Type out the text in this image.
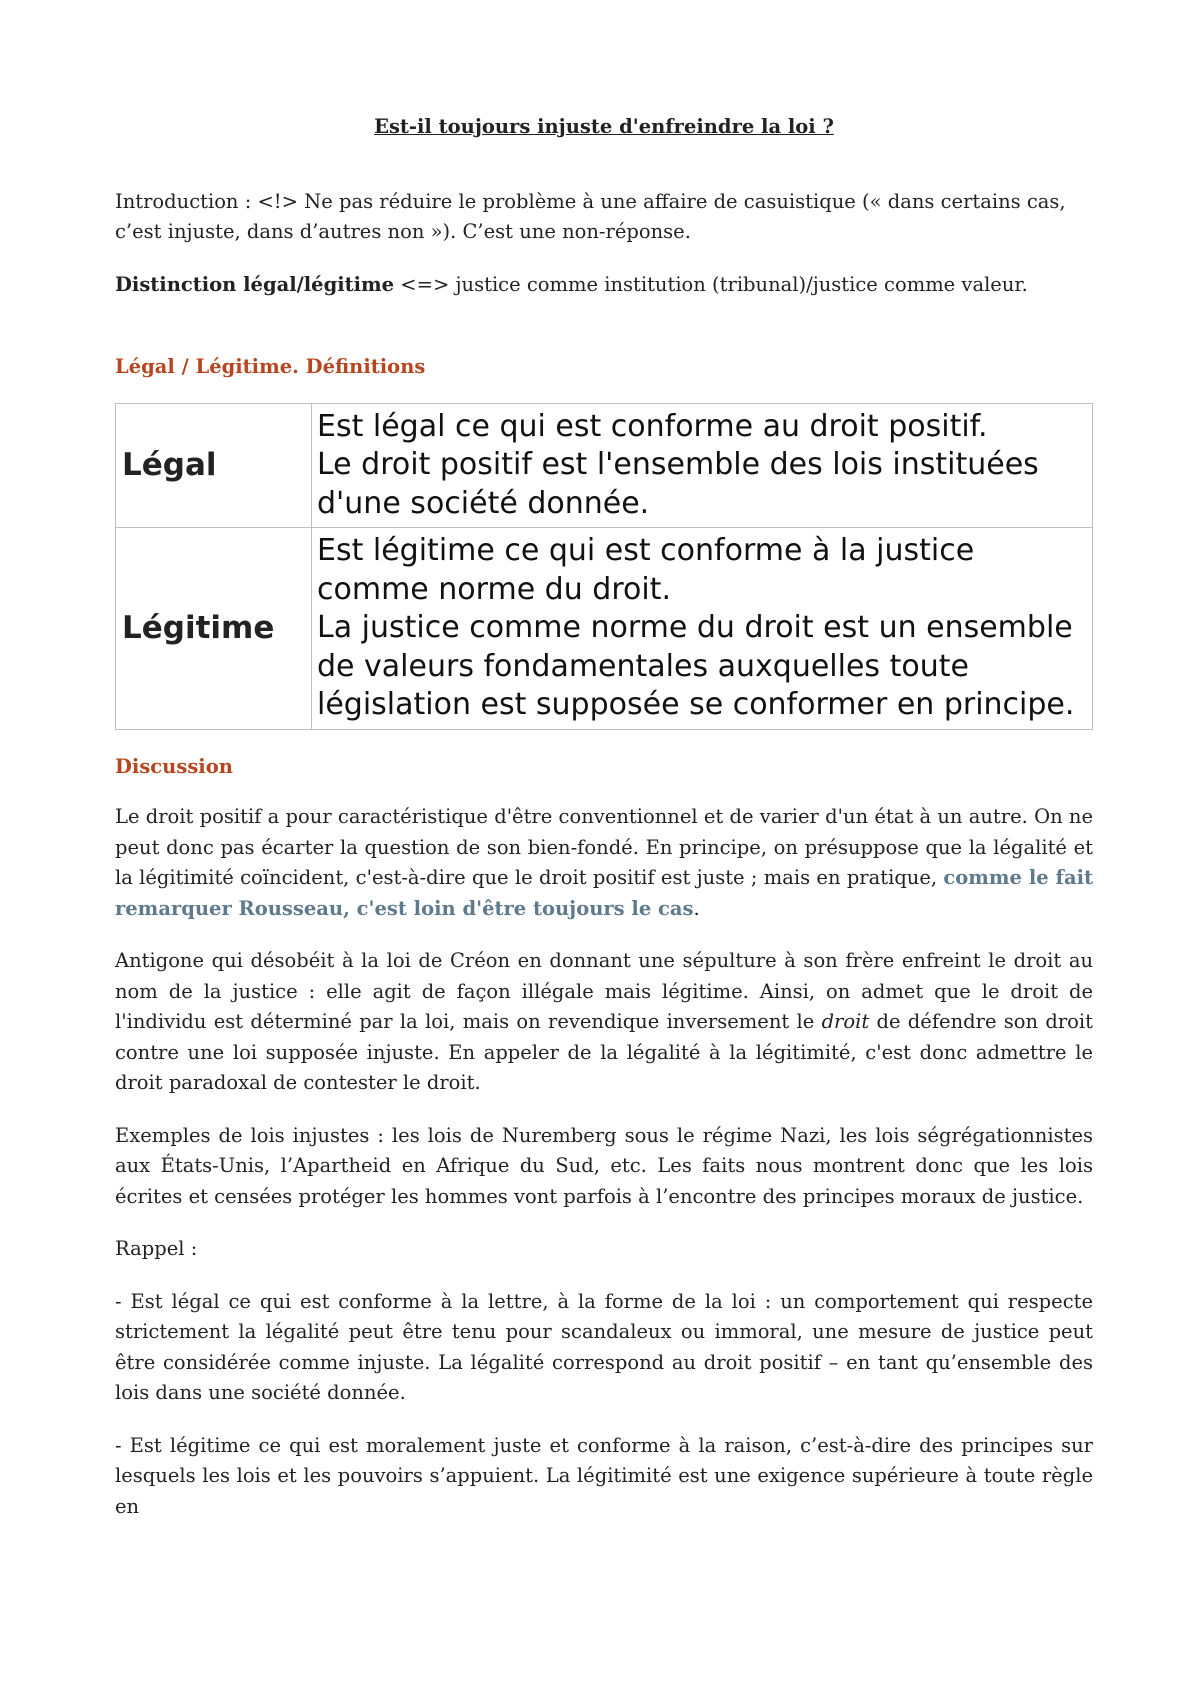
Est-il toujours injuste d'enfreindre la loi ?

Introduction : <!> Ne pas réduire le problème à une affaire de casuistique (« dans certains cas, c’est injuste, dans d’autres non »). C’est une non-réponse.

Distinction légal/légitime <=> justice comme institution (tribunal)/justice comme valeur.

Légal / Légitime. Définitions

Légal	Est légal ce qui est conforme au droit positif.
Le droit positif est l'ensemble des lois instituées d'une société donnée.

Légitime	Est légitime ce qui est conforme à la justice comme norme du droit.
La justice comme norme du droit est un ensemble de valeurs fondamentales auxquelles toute législation est supposée se conformer en principe.

Discussion

Le droit positif a pour caractéristique d'être conventionnel et de varier d'un état à un autre. On ne peut donc pas écarter la question de son bien-fondé. En principe, on présuppose que la légalité et la légitimité coïncident, c'est-à-dire que le droit positif est juste ; mais en pratique, comme le fait remarquer Rousseau, c'est loin d'être toujours le cas.

Antigone qui désobéit à la loi de Créon en donnant une sépulture à son frère enfreint le droit au nom de la justice : elle agit de façon illégale mais légitime. Ainsi, on admet que le droit de l'individu est déterminé par la loi, mais on revendique inversement le droit de défendre son droit contre une loi supposée injuste. En appeler de la légalité à la légitimité, c'est donc admettre le droit paradoxal de contester le droit.

Exemples de lois injustes : les lois de Nuremberg sous le régime Nazi, les lois ségrégationnistes aux États-Unis, l’Apartheid en Afrique du Sud, etc. Les faits nous montrent donc que les lois écrites et censées protéger les hommes vont parfois à l’encontre des principes moraux de justice.

Rappel :

- Est légal ce qui est conforme à la lettre, à la forme de la loi : un comportement qui respecte strictement la légalité peut être tenu pour scandaleux ou immoral, une mesure de justice peut être considérée comme injuste. La légalité correspond au droit positif – en tant qu’ensemble des lois dans une société donnée.

- Est légitime ce qui est moralement juste et conforme à la raison, c’est-à-dire des principes sur lesquels les lois et les pouvoirs s’appuient. La légitimité est une exigence supérieure à toute règle en
